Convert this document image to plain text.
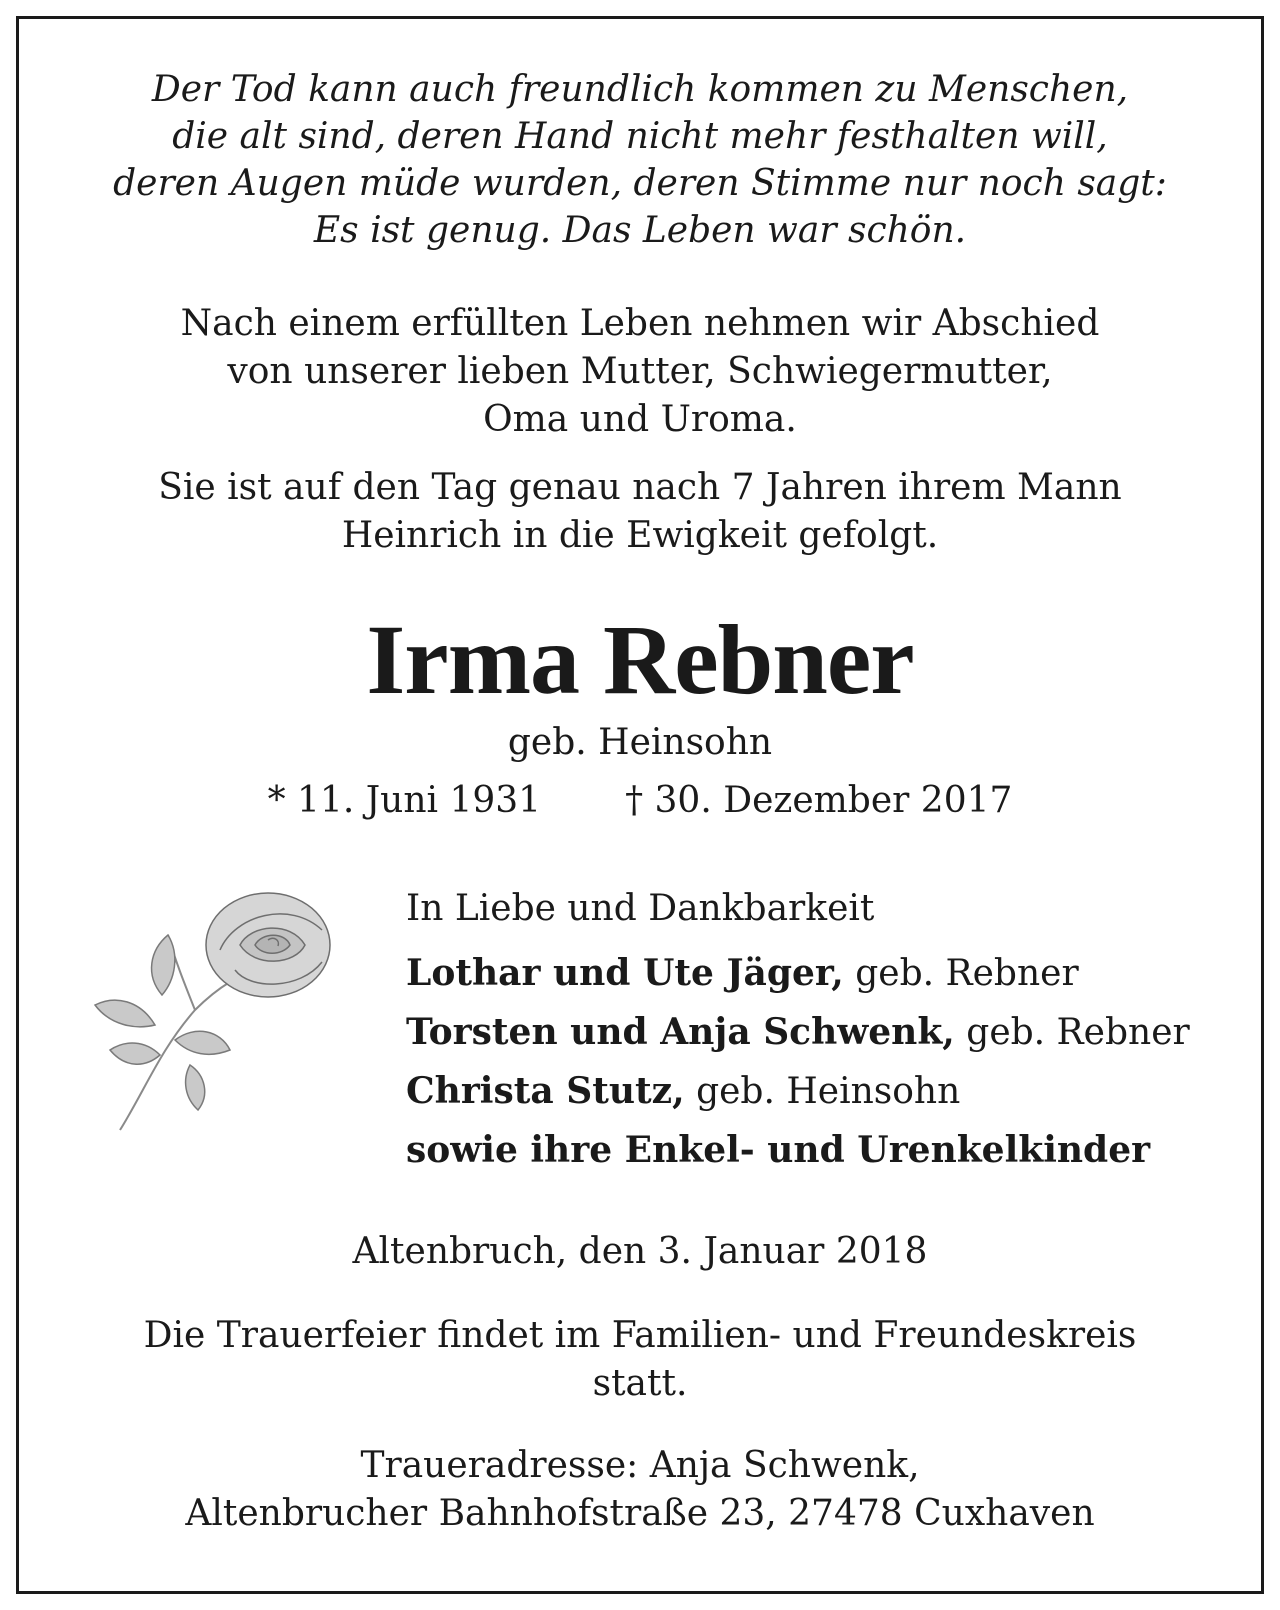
Der Tod kann auch freundlich kommen zu Menschen,
die alt sind, deren Hand nicht mehr festhalten will,
deren Augen müde wurden, deren Stimme nur noch sagt:
Es ist genug. Das Leben war schön.
Nach einem erfüllten Leben nehmen wir Abschied
von unserer lieben Mutter, Schwiegermutter,
Oma und Uroma.
Sie ist auf den Tag genau nach 7 Jahren ihrem Mann
Heinrich in die Ewigkeit gefolgt.
Irma Rebner
geb. Heinsohn
* 11. Juni 1931 † 30. Dezember 2017
In Liebe und Dankbarkeit
Lothar und Ute Jäger, geb. Rebner
Torsten und Anja Schwenk, geb. Rebner
Christa Stutz, geb. Heinsohn
sowie ihre Enkel- und Urenkelkinder
Altenbruch, den 3. Januar 2018
Die Trauerfeier findet im Familien- und Freundeskreis
statt.
Traueradresse: Anja Schwenk,
Altenbrucher Bahnhofstraße 23, 27478 Cuxhaven
